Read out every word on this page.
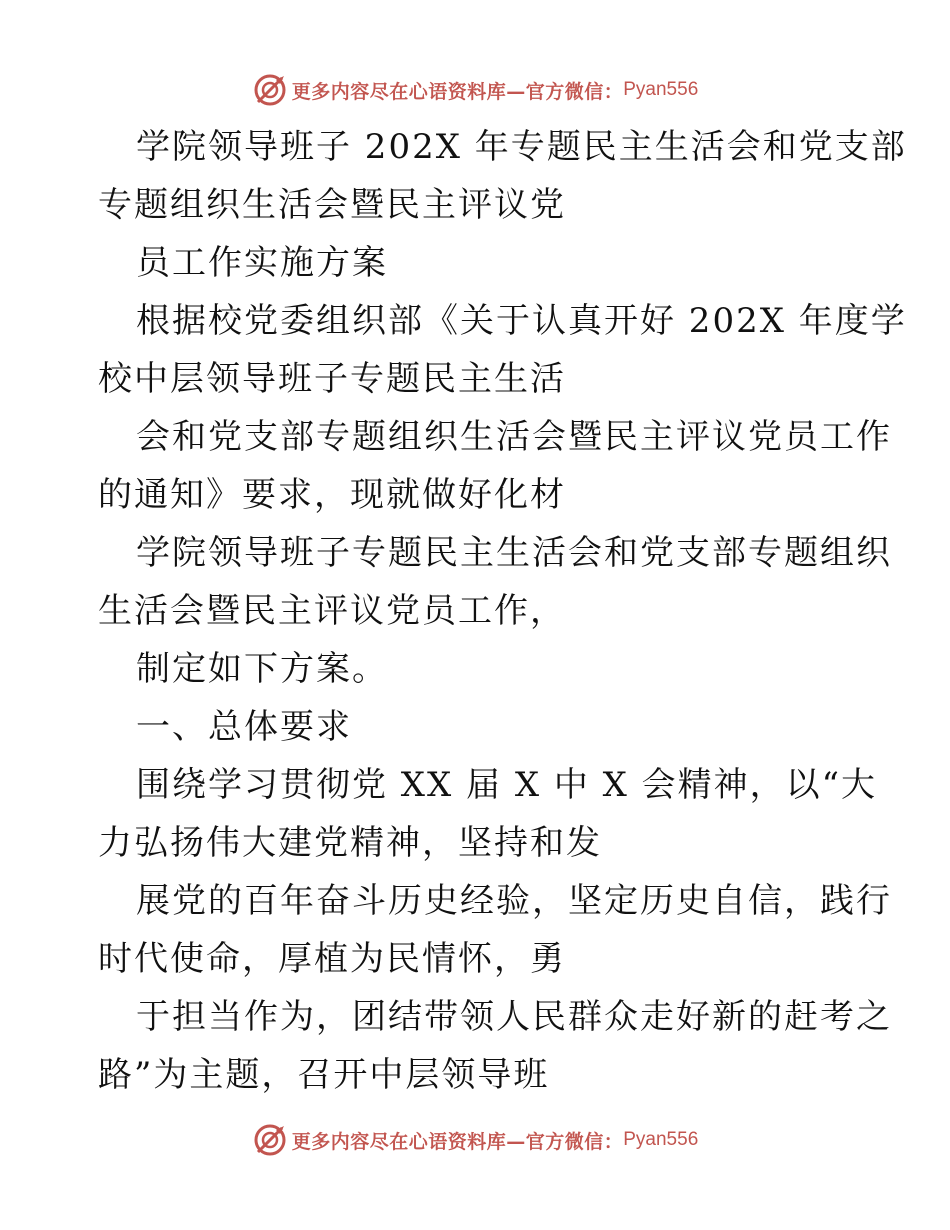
更多内容尽在心语资料库—官方微信： Pyan556
学院领导班子 202X 年专题民主生活会和党支部
专题组织生活会暨民主评议党
员工作实施方案
根据校党委组织部《关于认真开好 202X 年度学
校中层领导班子专题民主生活
会和党支部专题组织生活会暨民主评议党员工作
的通知》要求，现就做好化材
学院领导班子专题民主生活会和党支部专题组织
生活会暨民主评议党员工作，
制定如下方案。
一、总体要求
围绕学习贯彻党 XX 届 X 中 X 会精神，以“大
力弘扬伟大建党精神，坚持和发
展党的百年奋斗历史经验，坚定历史自信，践行
时代使命，厚植为民情怀，勇
于担当作为，团结带领人民群众走好新的赶考之
路”为主题，召开中层领导班
更多内容尽在心语资料库—官方微信： Pyan556
